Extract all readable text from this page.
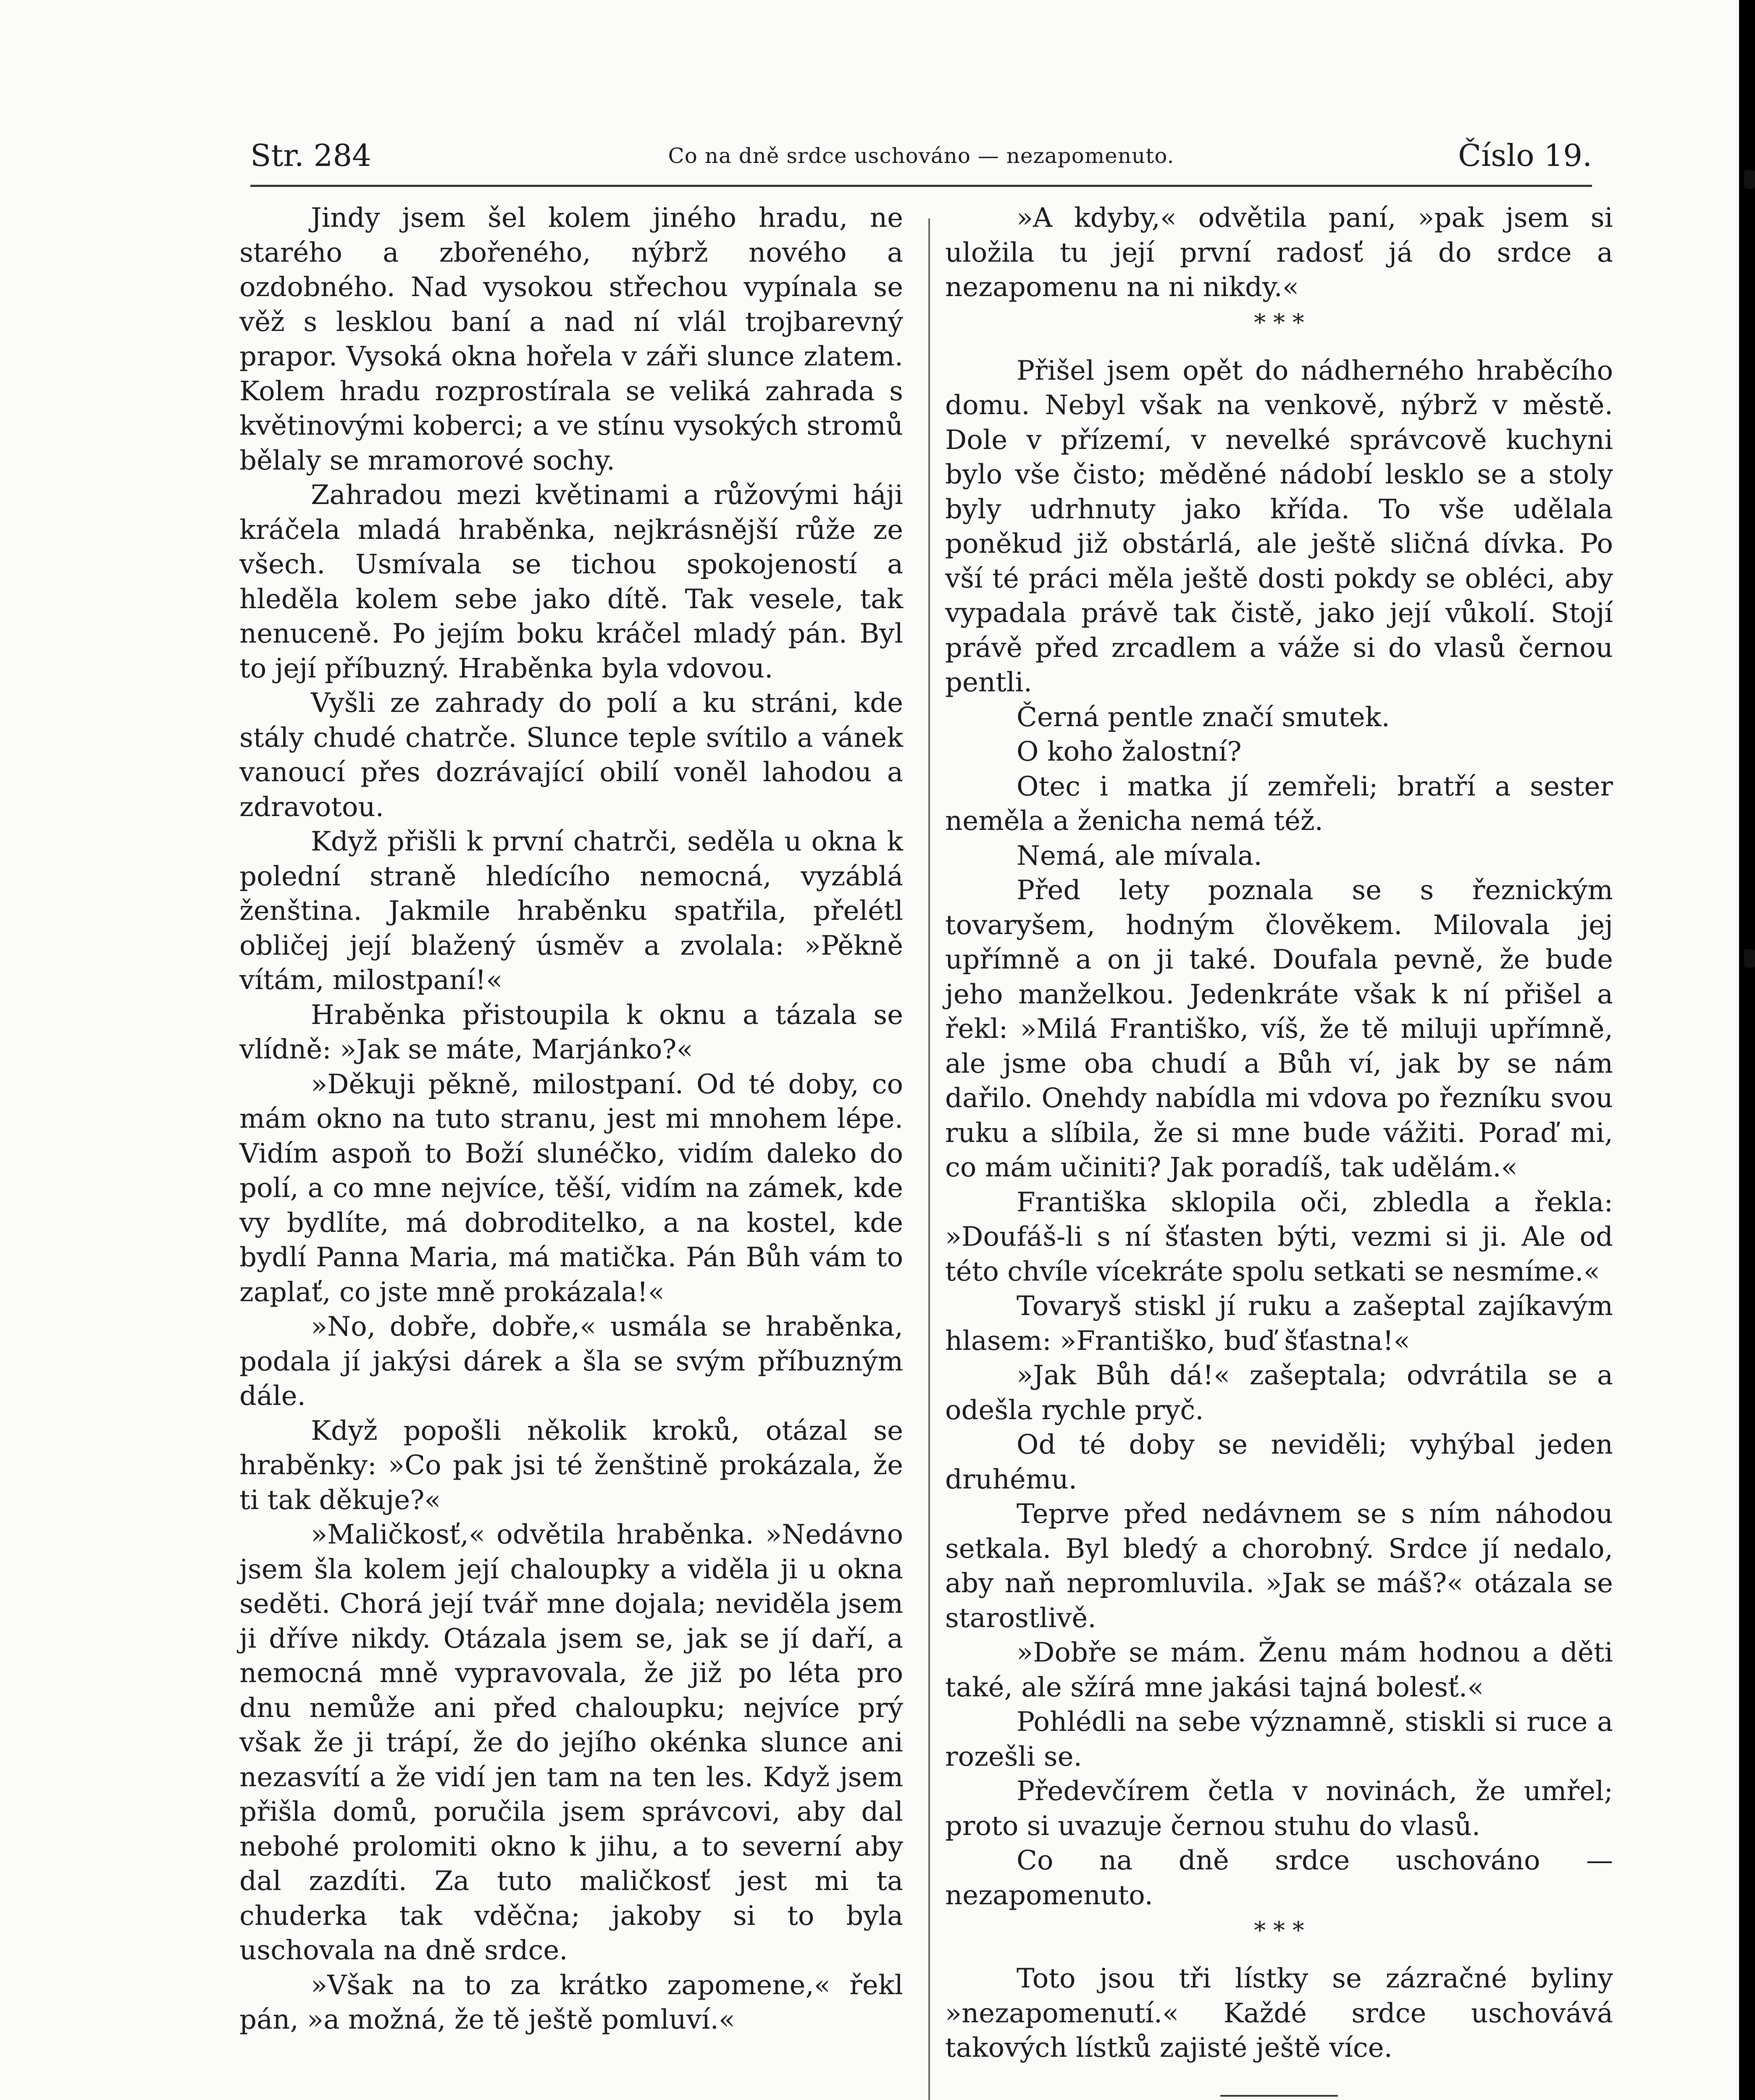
Str. 284	Co na dně srdce uschováno — nezapomenuto.	Číslo 19.

Jindy jsem šel kolem jiného hradu, ne starého a zbořeného, nýbrž nového a ozdobného. Nad vysokou střechou vypínala se věž s lesklou baní a nad ní vlál trojbarevný prapor. Vysoká okna hořela v záři slunce zlatem. Kolem hradu rozprostírala se veliká zahrada s květinovými koberci; a ve stínu vysokých stromů bělaly se mramorové sochy.

Zahradou mezi květinami a růžovými háji kráčela mladá hraběnka, nejkrásnější růže ze všech. Usmívala se tichou spokojeností a hleděla kolem sebe jako dítě. Tak vesele, tak nenuceně. Po jejím boku kráčel mladý pán. Byl to její příbuzný. Hraběnka byla vdovou.

Vyšli ze zahrady do polí a ku stráni, kde stály chudé chatrče. Slunce teple svítilo a vánek vanoucí přes dozrávající obilí voněl lahodou a zdravotou.

Když přišli k první chatrči, seděla u okna k polední straně hledícího nemocná, vyzáblá ženština. Jakmile hraběnku spatřila, přelétl obličej její blažený úsměv a zvolala: »Pěkně vítám, milostpaní!«

Hraběnka přistoupila k oknu a tázala se vlídně: »Jak se máte, Marjánko?«

»Děkuji pěkně, milostpaní. Od té doby, co mám okno na tuto stranu, jest mi mnohem lépe. Vidím aspoň to Boží slunéčko, vidím daleko do polí, a co mne nejvíce, těší, vidím na zámek, kde vy bydlíte, má dobroditelko, a na kostel, kde bydlí Panna Maria, má matička. Pán Bůh vám to zaplať, co jste mně prokázala!«

»No, dobře, dobře,« usmála se hraběnka, podala jí jakýsi dárek a šla se svým příbuzným dále.

Když popošli několik kroků, otázal se hraběnky: »Co pak jsi té ženštině prokázala, že ti tak děkuje?«

»Maličkosť,« odvětila hraběnka. »Nedávno jsem šla kolem její chaloupky a viděla ji u okna seděti. Chorá její tvář mne dojala; neviděla jsem ji dříve nikdy. Otázala jsem se, jak se jí daří, a nemocná mně vypravovala, že již po léta pro dnu nemůže ani před chaloupku; nejvíce prý však že ji trápí, že do jejího okénka slunce ani nezasvítí a že vidí jen tam na ten les. Když jsem přišla domů, poručila jsem správcovi, aby dal nebohé prolomiti okno k jihu, a to severní aby dal zazdíti. Za tuto maličkosť jest mi ta chuderka tak vděčna; jakoby si to byla uschovala na dně srdce.

»Však na to za krátko zapomene,« řekl pán, »a možná, že tě ještě pomluví.«

»A kdyby,« odvětila paní, »pak jsem si uložila tu její první radosť já do srdce a nezapomenu na ni nikdy.«

* * *

Přišel jsem opět do nádherného hraběcího domu. Nebyl však na venkově, nýbrž v městě. Dole v přízemí, v nevelké správcově kuchyni bylo vše čisto; měděné nádobí lesklo se a stoly byly udrhnuty jako křída. To vše udělala poněkud již obstárlá, ale ještě sličná dívka. Po vší té práci měla ještě dosti pokdy se obléci, aby vypadala právě tak čistě, jako její vůkolí. Stojí právě před zrcadlem a váže si do vlasů černou pentli.

Černá pentle značí smutek.

O koho žalostní?

Otec i matka jí zemřeli; bratří a sester neměla a ženicha nemá též.

Nemá, ale mívala.

Před lety poznala se s řeznickým tovaryšem, hodným člověkem. Milovala jej upřímně a on ji také. Doufala pevně, že bude jeho manželkou. Jedenkráte však k ní přišel a řekl: »Milá Františko, víš, že tě miluji upřímně, ale jsme oba chudí a Bůh ví, jak by se nám dařilo. Onehdy nabídla mi vdova po řezníku svou ruku a slíbila, že si mne bude vážiti. Poraď mi, co mám učiniti? Jak poradíš, tak udělám.«

Františka sklopila oči, zbledla a řekla: »Doufáš-li s ní šťasten býti, vezmi si ji. Ale od této chvíle vícekráte spolu setkati se nesmíme.«

Tovaryš stiskl jí ruku a zašeptal zajíkavým hlasem: »Františko, buď šťastna!«

»Jak Bůh dá!« zašeptala; odvrátila se a odešla rychle pryč.

Od té doby se neviděli; vyhýbal jeden druhému.

Teprve před nedávnem se s ním náhodou setkala. Byl bledý a chorobný. Srdce jí nedalo, aby naň nepromluvila. »Jak se máš?« otázala se starostlivě.

»Dobře se mám. Ženu mám hodnou a děti také, ale sžírá mne jakási tajná bolesť.«

Pohlédli na sebe významně, stiskli si ruce a rozešli se.

Předevčírem četla v novinách, že umřel; proto si uvazuje černou stuhu do vlasů.

Co na dně srdce uschováno — nezapomenuto.

* * *

Toto jsou tři lístky se zázračné byliny »nezapomenutí.« Každé srdce uschovává takových lístků zajisté ještě více.
